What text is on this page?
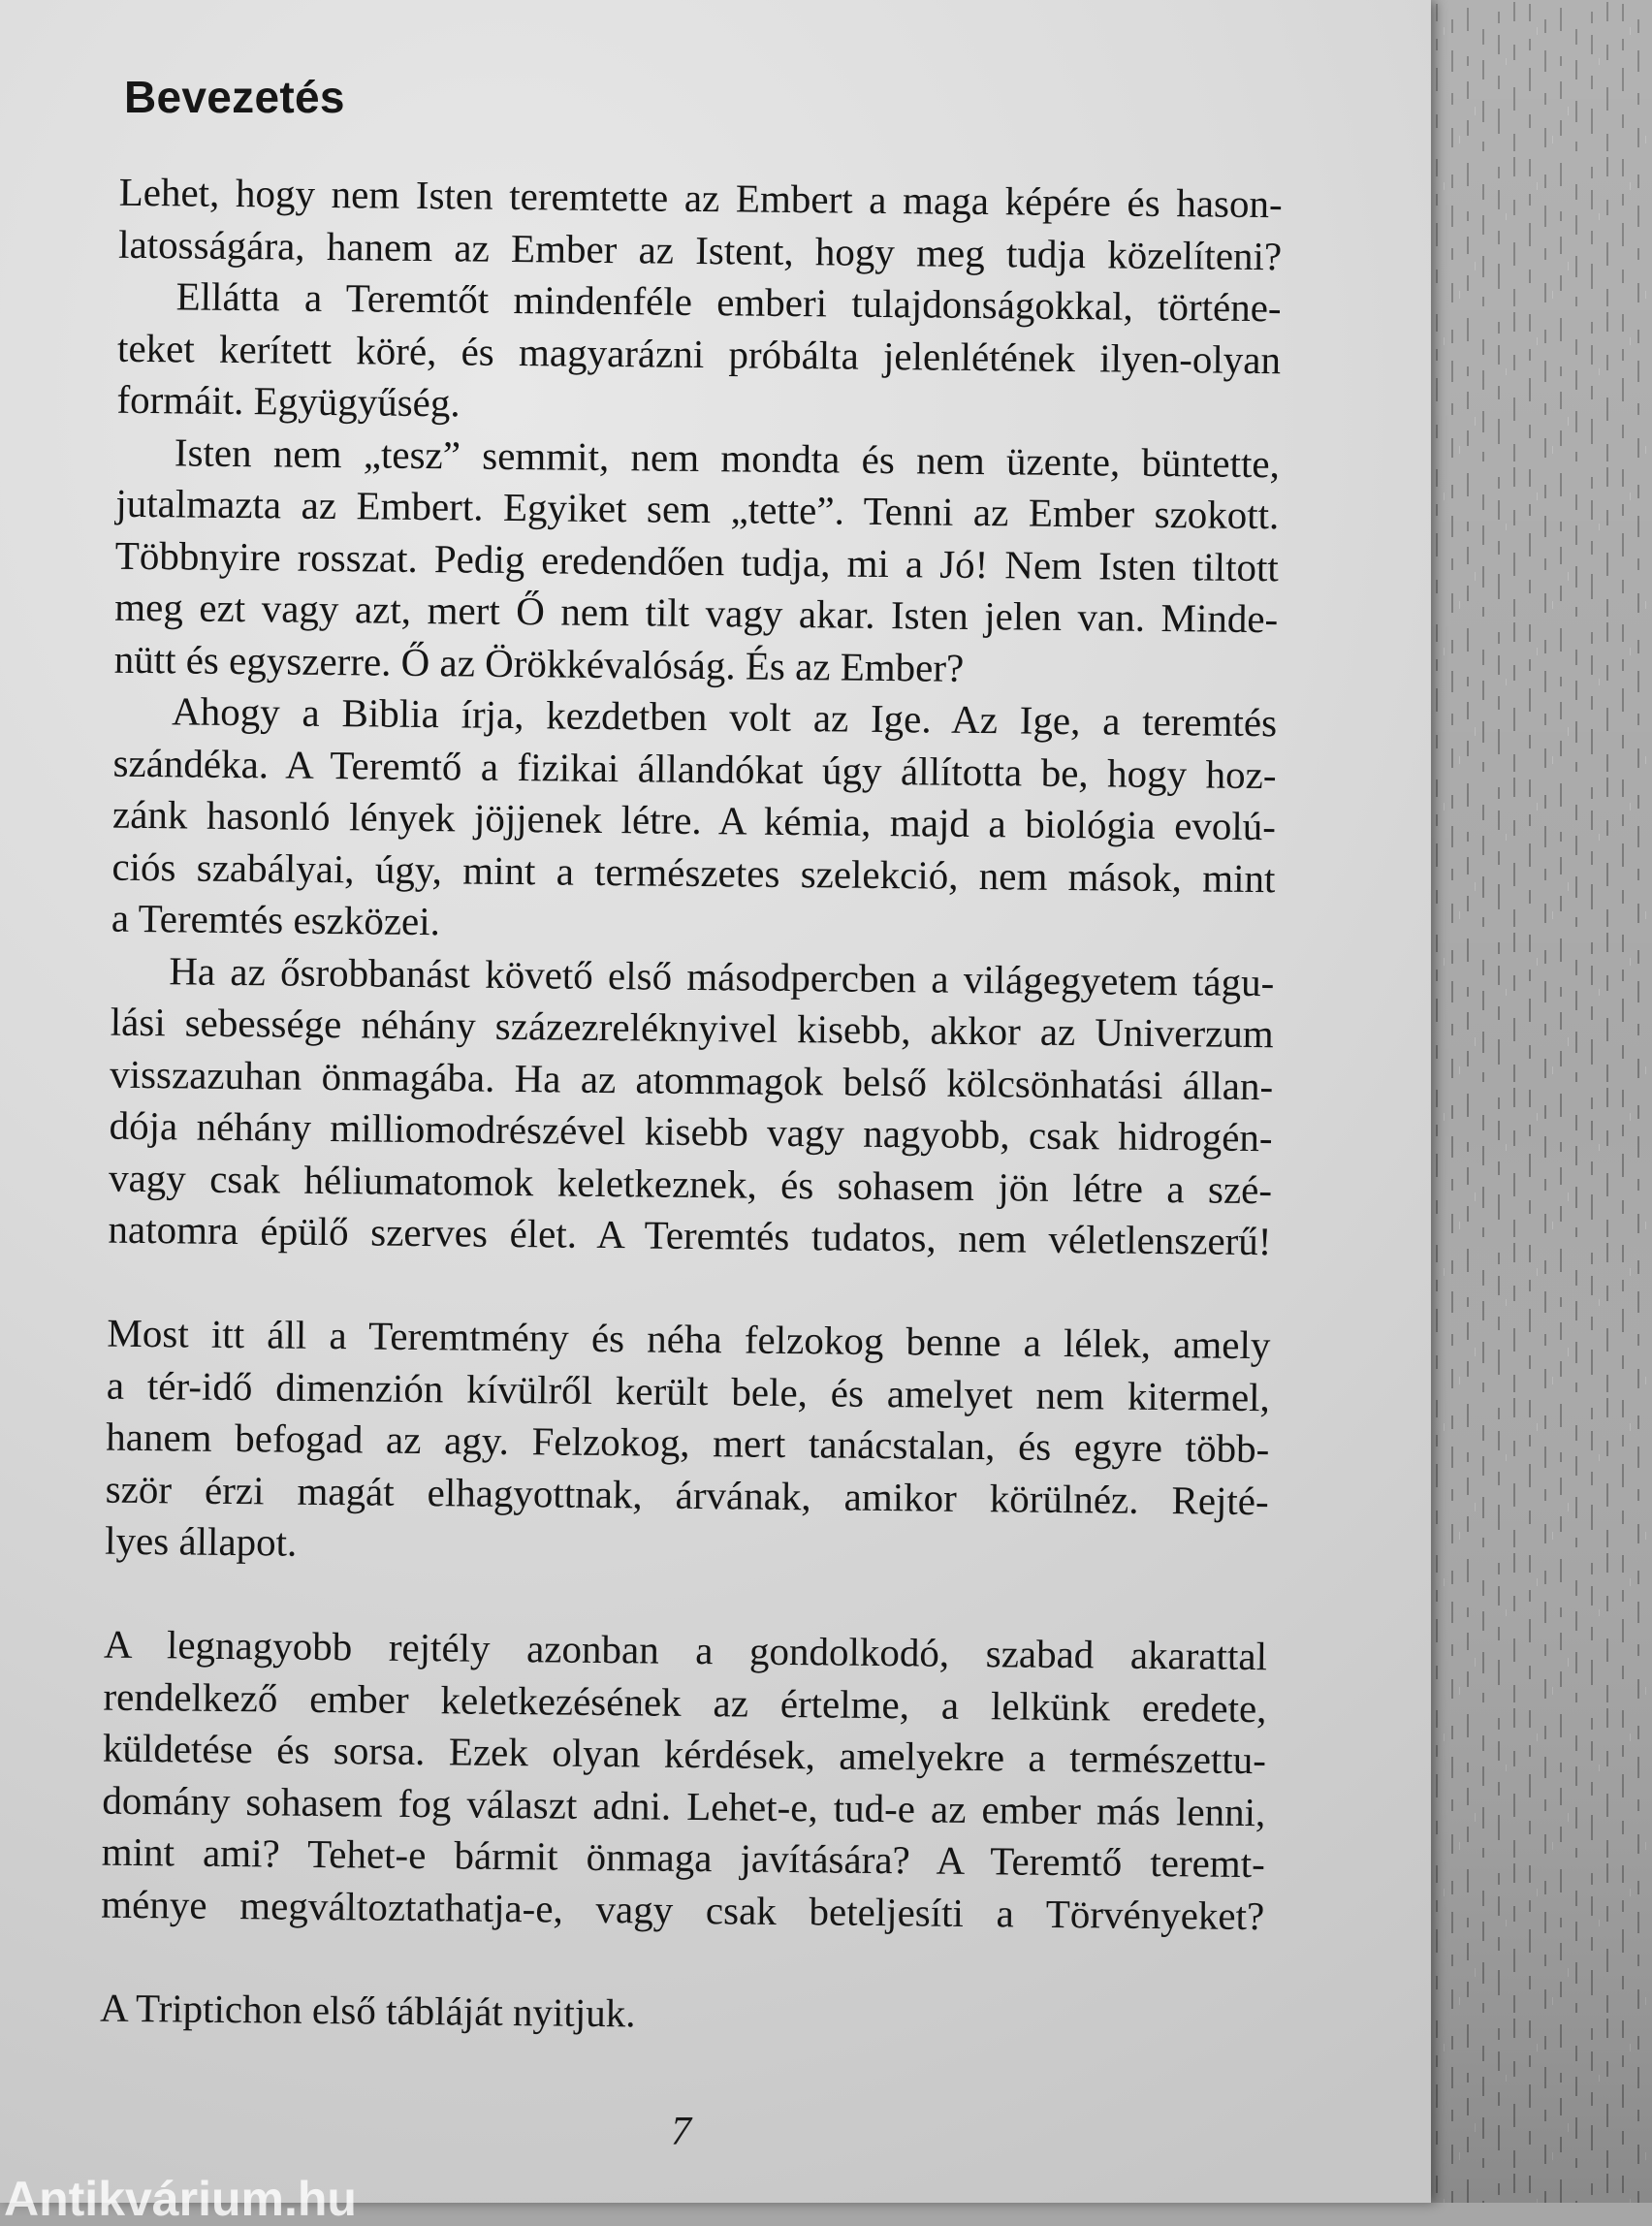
Bevezetés
Lehet, hogy nem Isten teremtette az Embert a maga képére és hason-
latosságára, hanem az Ember az Istent, hogy meg tudja közelíteni?
Ellátta a Teremtőt mindenféle emberi tulajdonságokkal, történe-
teket kerített köré, és magyarázni próbálta jelenlétének ilyen-olyan
formáit. Együgyűség.
Isten nem „tesz” semmit, nem mondta és nem üzente, büntette,
jutalmazta az Embert. Egyiket sem „tette”. Tenni az Ember szokott.
Többnyire rosszat. Pedig eredendően tudja, mi a Jó! Nem Isten tiltott
meg ezt vagy azt, mert Ő nem tilt vagy akar. Isten jelen van. Minde-
nütt és egyszerre. Ő az Örökkévalóság. És az Ember?
Ahogy a Biblia írja, kezdetben volt az Ige. Az Ige, a teremtés
szándéka. A Teremtő a fizikai állandókat úgy állította be, hogy hoz-
zánk hasonló lények jöjjenek létre. A kémia, majd a biológia evolú-
ciós szabályai, úgy, mint a természetes szelekció, nem mások, mint
a Teremtés eszközei.
Ha az ősrobbanást követő első másodpercben a világegyetem tágu-
lási sebessége néhány százezreléknyivel kisebb, akkor az Univerzum
visszazuhan önmagába. Ha az atommagok belső kölcsönhatási állan-
dója néhány milliomodrészével kisebb vagy nagyobb, csak hidrogén-
vagy csak héliumatomok keletkeznek, és sohasem jön létre a szé-
natomra épülő szerves élet. A Teremtés tudatos, nem véletlenszerű!
Most itt áll a Teremtmény és néha felzokog benne a lélek, amely
a tér-idő dimenzión kívülről került bele, és amelyet nem kitermel,
hanem befogad az agy. Felzokog, mert tanácstalan, és egyre több-
ször érzi magát elhagyottnak, árvának, amikor körülnéz. Rejté-
lyes állapot.
A legnagyobb rejtély azonban a gondolkodó, szabad akarattal
rendelkező ember keletkezésének az értelme, a lelkünk eredete,
küldetése és sorsa. Ezek olyan kérdések, amelyekre a természettu-
domány sohasem fog választ adni. Lehet-e, tud-e az ember más lenni,
mint ami? Tehet-e bármit önmaga javítására? A Teremtő teremt-
ménye megváltoztathatja-e, vagy csak beteljesíti a Törvényeket?
A Triptichon első tábláját nyitjuk.
7
Antikvárium.hu
